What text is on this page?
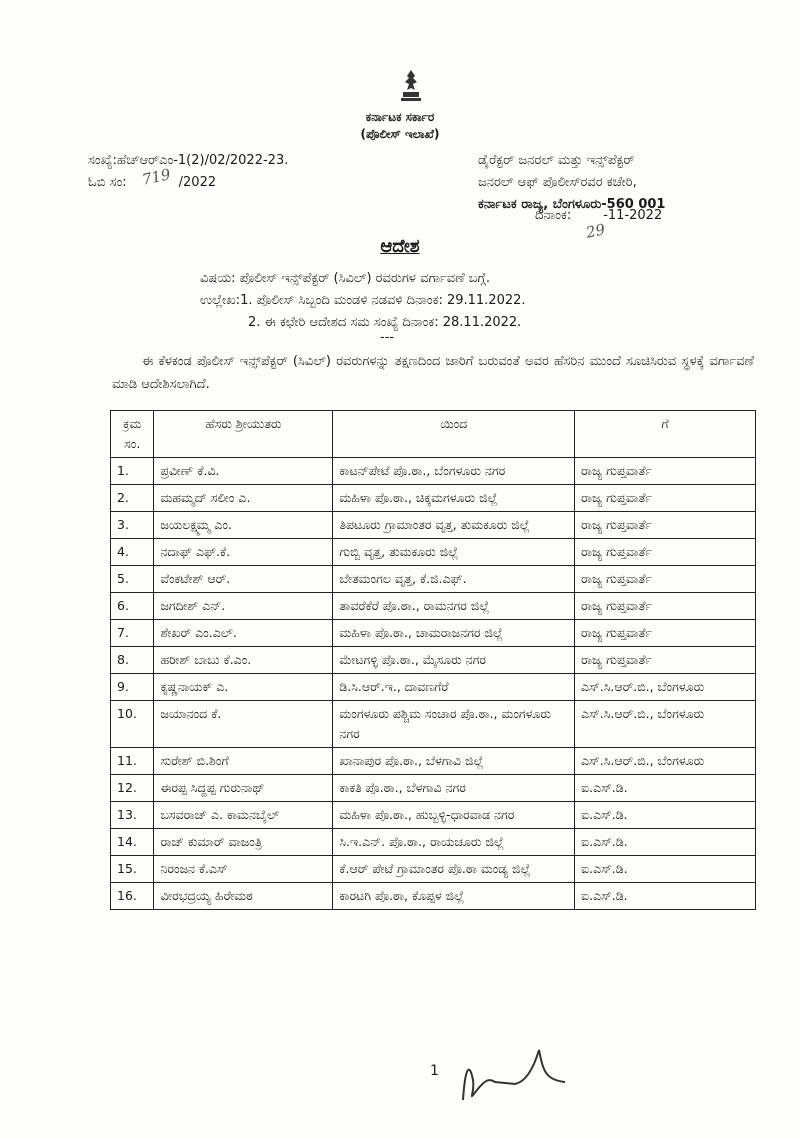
ಕರ್ನಾಟಕ ಸರ್ಕಾರ
(ಪೊಲೀಸ್ ಇಲಾಖೆ)
ಸಂಖ್ಯೆ:ಹೆಚ್ಆರ್‌ಎಂ-1(2)/02/2022-23.
ಓಬಿ ಸಂ:	/2022
719
ಡೈರೆಕ್ಟರ್ ಜನರಲ್ ಮತ್ತು ಇನ್ಸ್‌ಪೆಕ್ಟರ್
ಜನರಲ್ ಆಫ್ ಪೊಲೀಸ್‌ರವರ ಕಚೇರಿ,
ಕರ್ನಾಟಕ ರಾಜ್ಯ, ಬೆಂಗಳೂರು-560 001
ದಿನಾಂಕ: -11-2022
29
ಆದೇಶ
ವಿಷಯ: ಪೊಲೀಸ್ ಇನ್ಸ್‌ಪೆಕ್ಟರ್ (ಸಿವಿಲ್) ರವರುಗಳ ವರ್ಗಾವಣೆ ಬಗ್ಗೆ.
ಉಲ್ಲೇಖ:1. ಪೊಲೀಸ್ ಸಿಬ್ಬಂದಿ ಮಂಡಳಿ ನಡವಳಿ ದಿನಾಂಕ: 29.11.2022.
2. ಈ ಕಛೇರಿ ಆದೇಶದ ಸಮ ಸಂಖ್ಯೆ ದಿನಾಂಕ: 28.11.2022.
---
ಈ ಕೆಳಕಂಡ ಪೊಲೀಸ್ ಇನ್ಸ್‌ಪೆಕ್ಟರ್ (ಸಿವಿಲ್) ರವರುಗಳನ್ನು ತಕ್ಷಣದಿಂದ ಜಾರಿಗೆ ಬರುವಂತೆ ಅವರ ಹೆಸರಿನ ಮುಂದೆ ಸೂಚಿಸಿರುವ ಸ್ಥಳಕ್ಕೆ ವರ್ಗಾವಣೆ ಮಾಡಿ ಆದೇಶಿಸಲಾಗಿದೆ.
ಕ್ರಮ ಸಂ.	ಹೆಸರು ಶ್ರೀಯುತರು	ಯಿಂದ	ಗೆ
1.	ಪ್ರವೀಣ್ ಕೆ.ವಿ.	ಕಾಟನ್‌ಪೇಟೆ ಪೊ.ಠಾ., ಬೆಂಗಳೂರು ನಗರ	ರಾಜ್ಯ ಗುಪ್ತವಾರ್ತೆ
2.	ಮಹಮ್ಮದ್ ಸಲೀಂ ಎ.	ಮಹಿಳಾ ಪೊ.ಠಾ., ಚಿಕ್ಕಮಗಳೂರು ಜಿಲ್ಲೆ	ರಾಜ್ಯ ಗುಪ್ತವಾರ್ತೆ
3.	ಜಯಲಕ್ಷ್ಮಮ್ಮ ಎಂ.	ತಿಪಟೂರು ಗ್ರಾಮಾಂತರ ವೃತ್ತ, ತುಮಕೂರು ಜಿಲ್ಲೆ	ರಾಜ್ಯ ಗುಪ್ತವಾರ್ತೆ
4.	ನದಾಫ್ ಎಫ್.ಕೆ.	ಗುಬ್ಬಿ ವೃತ್ತ, ತುಮಕೂರು ಜಿಲ್ಲೆ	ರಾಜ್ಯ ಗುಪ್ತವಾರ್ತೆ
5.	ವೆಂಕಟೇಶ್ ಆರ್.	ಬೇತಮಂಗಲ ವೃತ್ತ, ಕೆ.ಜಿ.ಎಫ್.	ರಾಜ್ಯ ಗುಪ್ತವಾರ್ತೆ
6.	ಜಗದೀಶ್ ಎನ್.	ತಾವರೆಕೆರೆ ಪೊ.ಠಾ., ರಾಮನಗರ ಜಿಲ್ಲೆ	ರಾಜ್ಯ ಗುಪ್ತವಾರ್ತೆ
7.	ಶೇಖರ್ ಎಂ.ಎಲ್.	ಮಹಿಳಾ ಪೊ.ಠಾ., ಚಾಮರಾಜನಗರ ಜಿಲ್ಲೆ	ರಾಜ್ಯ ಗುಪ್ತವಾರ್ತೆ
8.	ಹರೀಶ್ ಬಾಬು ಕೆ.ಎಂ.	ಮೇಟಗಳ್ಳಿ ಪೊ.ಠಾ., ಮೈಸೂರು ನಗರ	ರಾಜ್ಯ ಗುಪ್ತವಾರ್ತೆ
9.	ಕೃಷ್ಣನಾಯಕ್ ಎ.	ಡಿ.ಸಿ.ಆರ್.ಇ., ದಾವಣಗೆರೆ	ಎಸ್.ಸಿ.ಆರ್.ಬಿ., ಬೆಂಗಳೂರು
10.	ಜಯಾನಂದ ಕೆ.	ಮಂಗಳೂರು ಪಶ್ಚಿಮ ಸಂಚಾರ ಪೊ.ಠಾ., ಮಂಗಳೂರು ನಗರ	ಎಸ್.ಸಿ.ಆರ್.ಬಿ., ಬೆಂಗಳೂರು
11.	ಸುರೇಶ್ ಬಿ.ಶಿಂಗೆ	ಖಾನಾಪುರ ಪೊ.ಠಾ., ಬೆಳಗಾವಿ ಜಿಲ್ಲೆ	ಎಸ್.ಸಿ.ಆರ್.ಬಿ., ಬೆಂಗಳೂರು
12.	ಈರಪ್ಪ ಸಿದ್ದಪ್ಪ ಗುರುನಾಥ್	ಕಾಕತಿ ಪೊ.ಠಾ., ಬೆಳಗಾವಿ ನಗರ	ಐ.ಎಸ್.ಡಿ.
13.	ಬಸವರಾಜ್ ಎ. ಕಾಮನಬೈಲ್	ಮಹಿಳಾ ಪೊ.ಠಾ., ಹುಬ್ಬಳ್ಳಿ-ಧಾರವಾಡ ನಗರ	ಐ.ಎಸ್.ಡಿ.
14.	ರಾಜ್ ಕುಮಾರ್ ವಾಜಂತ್ರಿ	ಸಿ.ಇ.ಎನ್. ಪೊ.ಠಾ., ರಾಯಚೂರು ಜಿಲ್ಲೆ	ಐ.ಎಸ್.ಡಿ.
15.	ನಿರಂಜನ ಕೆ.ಎಸ್	ಕೆ.ಆರ್ ಪೇಟೆ ಗ್ರಾಮಾಂತರ ಪೊ.ಠಾ ಮಂಡ್ಯ ಜಿಲ್ಲೆ	ಐ.ಎಸ್.ಡಿ.
16.	ವೀರಭದ್ರಯ್ಯ ಹಿರೇಮಠ	ಕಾರಟಗಿ ಪೊ.ಠಾ, ಕೊಪ್ಪಳ ಜಿಲ್ಲೆ	ಐ.ಎಸ್.ಡಿ.
1
